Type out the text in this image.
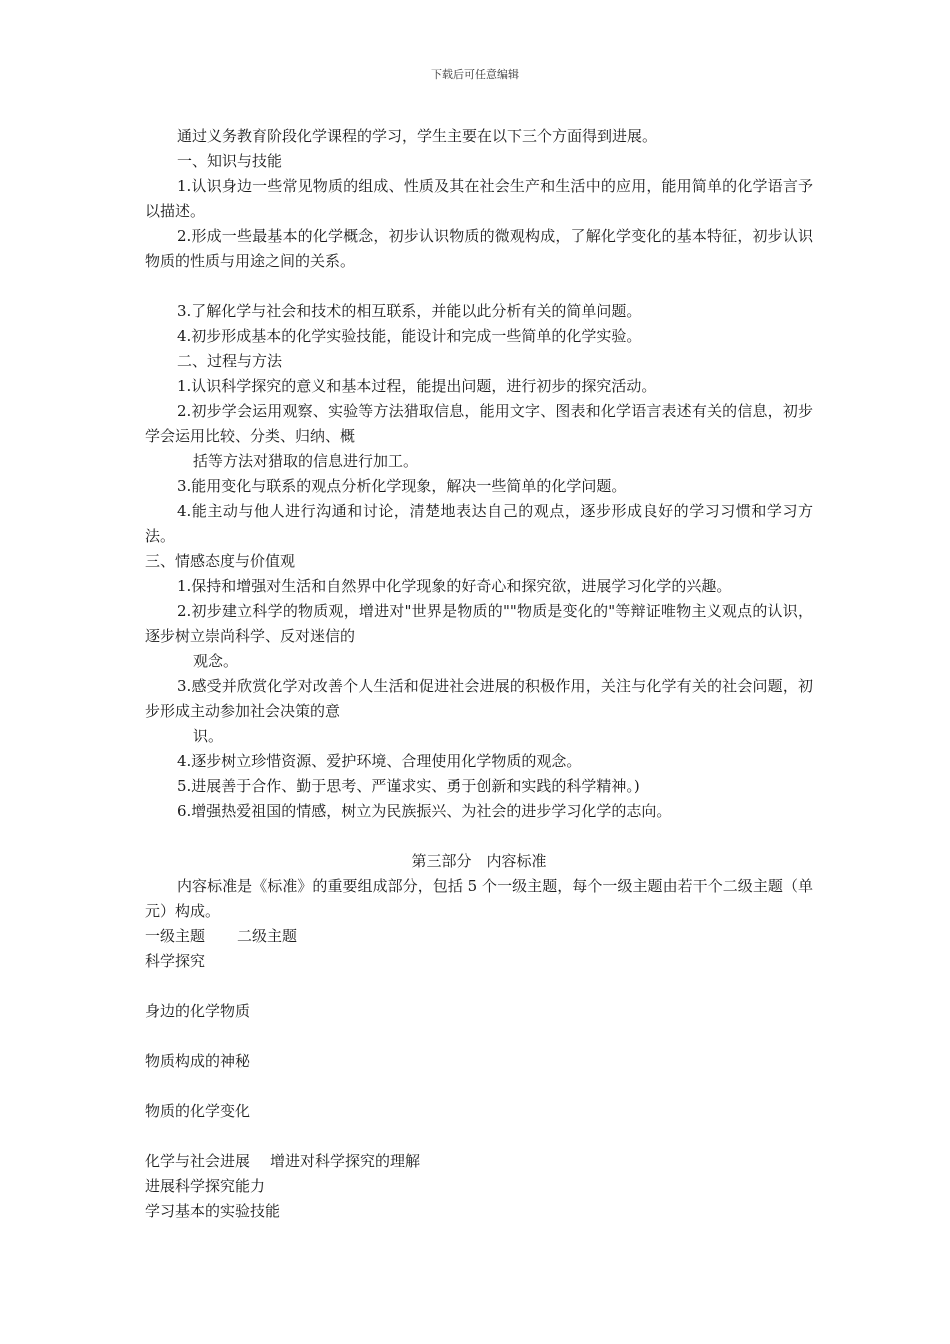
下载后可任意编辑
通过义务教育阶段化学课程的学习，学生主要在以下三个方面得到进展。
一、知识与技能
1.认识身边一些常见物质的组成、性质及其在社会生产和生活中的应用，能用简单的化学语言予以描述。
2.形成一些最基本的化学概念，初步认识物质的微观构成，了解化学变化的基本特征，初步认识物质的性质与用途之间的关系。
3.了解化学与社会和技术的相互联系，并能以此分析有关的简单问题。
4.初步形成基本的化学实验技能，能设计和完成一些简单的化学实验。
二、过程与方法
1.认识科学探究的意义和基本过程，能提出问题，进行初步的探究活动。
2.初步学会运用观察、实验等方法猎取信息，能用文字、图表和化学语言表述有关的信息，初步学会运用比较、分类、归纳、概
括等方法对猎取的信息进行加工。
3.能用变化与联系的观点分析化学现象，解决一些简单的化学问题。
4.能主动与他人进行沟通和讨论，清楚地表达自己的观点，逐步形成良好的学习习惯和学习方法。
三、情感态度与价值观
1.保持和增强对生活和自然界中化学现象的好奇心和探究欲，进展学习化学的兴趣。
2.初步建立科学的物质观，增进对"世界是物质的""物质是变化的"等辩证唯物主义观点的认识，逐步树立崇尚科学、反对迷信的
观念。
3.感受并欣赏化学对改善个人生活和促进社会进展的积极作用，关注与化学有关的社会问题，初步形成主动参加社会决策的意
识。
4.逐步树立珍惜资源、爱护环境、合理使用化学物质的观念。
5.进展善于合作、勤于思考、严谨求实、勇于创新和实践的科学精神。)
6.增强热爱祖国的情感，树立为民族振兴、为社会的进步学习化学的志向。
第三部分　内容标准
内容标准是《标准》的重要组成部分，包括 5 个一级主题，每个一级主题由若干个二级主题（单元）构成。
一级主题 二级主题
科学探究
身边的化学物质
物质构成的神秘
物质的化学变化
化学与社会进展 增进对科学探究的理解
进展科学探究能力
学习基本的实验技能
